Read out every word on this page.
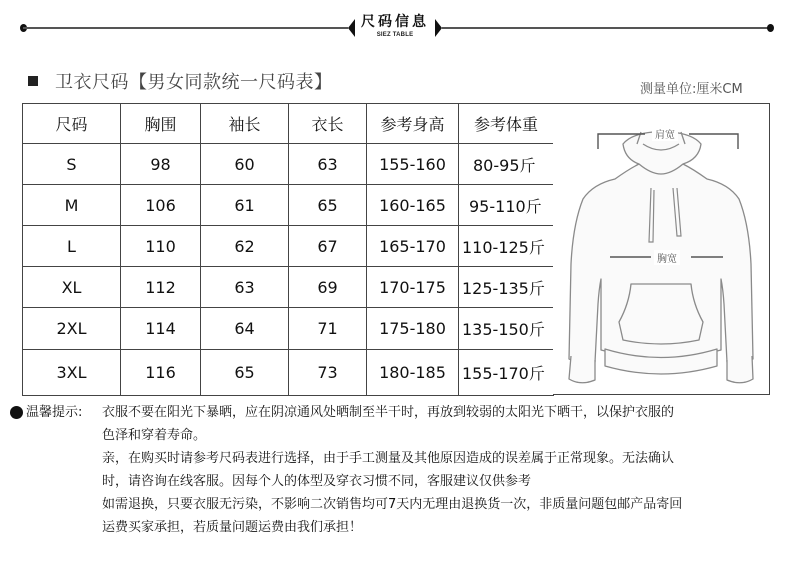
尺码信息
SIEZ TABLE
卫衣尺码【男女同款统一尺码表】	测量单位:厘米CM
尺码	胸围	袖长	衣长	参考身高	参考体重
S	98	60	63	155-160	80-95斤
M	106	61	65	160-165	95-110斤
L	110	62	67	165-170	110-125斤
XL	112	63	69	170-175	125-135斤
2XL	114	64	71	175-180	135-150斤
3XL	116	65	73	180-185	155-170斤
肩宽
胸宽
温馨提示: 衣服不要在阳光下暴晒，应在阴凉通风处晒制至半干时，再放到较弱的太阳光下晒干，以保护衣服的
色泽和穿着寿命。
亲，在购买时请参考尺码表进行选择，由于手工测量及其他原因造成的误差属于正常现象。无法确认
时，请咨询在线客服。因每个人的体型及穿衣习惯不同，客服建议仅供参考
如需退换，只要衣服无污染，不影响二次销售均可7天内无理由退换货一次，非质量问题包邮产品寄回
运费买家承担，若质量问题运费由我们承担！
